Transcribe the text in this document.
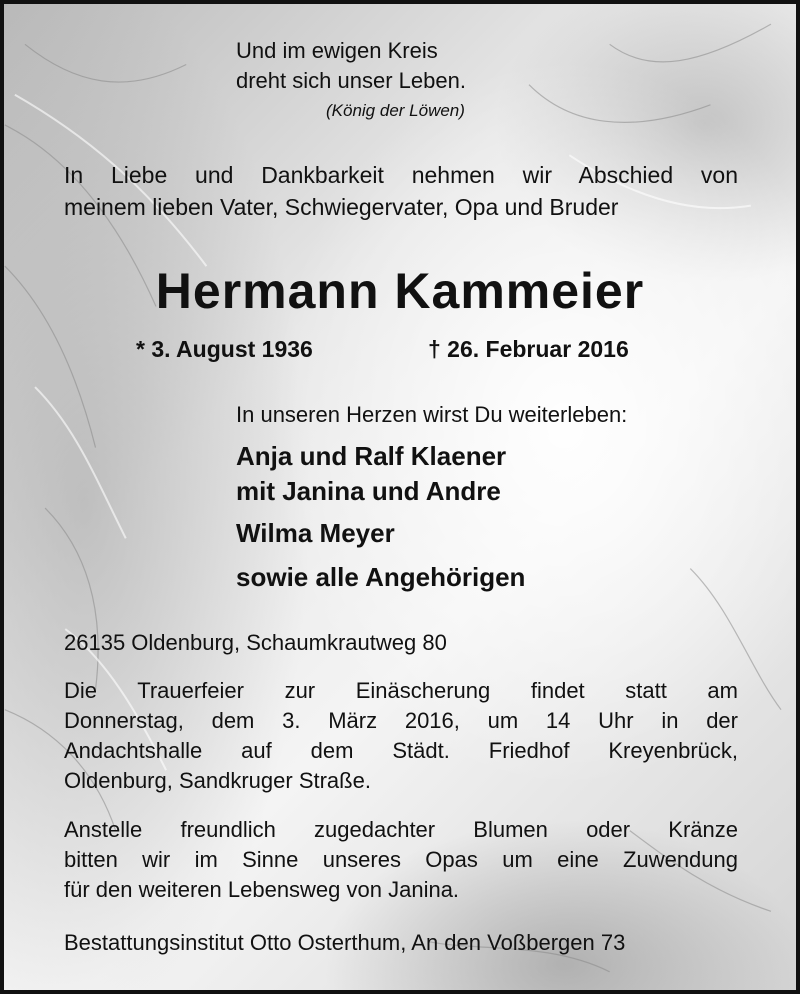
Und im ewigen Kreis

dreht sich unser Leben.

(König der Löwen)

In Liebe und Dankbarkeit nehmen wir Abschied von

meinem lieben Vater, Schwiegervater, Opa und Bruder

Hermann Kammeier

* 3. August 1936	† 26. Februar 2016

In unseren Herzen wirst Du weiterleben:

Anja und Ralf Klaener

mit Janina und Andre

Wilma Meyer

sowie alle Angehörigen

26135 Oldenburg, Schaumkrautweg 80

Die Trauerfeier zur Einäscherung findet statt am

Donnerstag, dem 3. März 2016, um 14 Uhr in der

Andachtshalle auf dem Städt. Friedhof Kreyenbrück,

Oldenburg, Sandkruger Straße.

Anstelle freundlich zugedachter Blumen oder Kränze

bitten wir im Sinne unseres Opas um eine Zuwendung

für den weiteren Lebensweg von Janina.

Bestattungsinstitut Otto Osterthum, An den Voßbergen 73
